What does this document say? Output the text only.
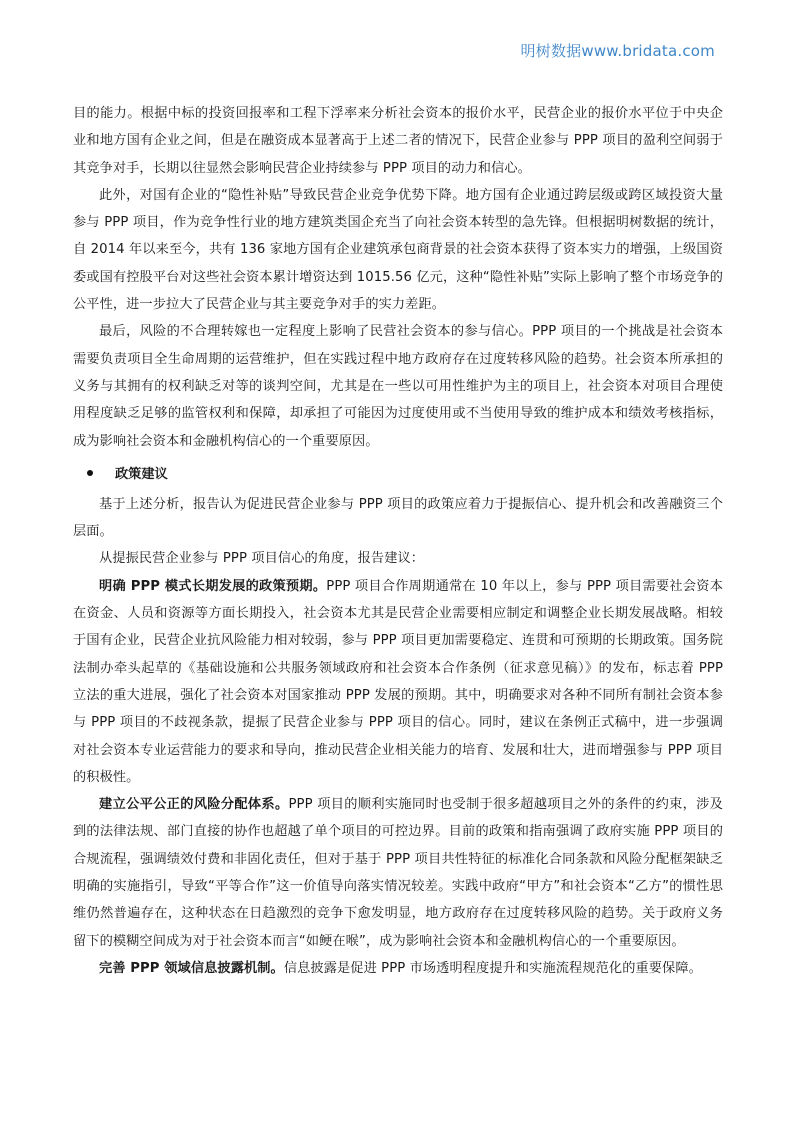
明树数据www.bridata.com

目的能力。根据中标的投资回报率和工程下浮率来分析社会资本的报价水平，民营企业的报价水平位于中央企业和地方国有企业之间，但是在融资成本显著高于上述二者的情况下，民营企业参与 PPP 项目的盈利空间弱于其竞争对手，长期以往显然会影响民营企业持续参与 PPP 项目的动力和信心。

此外，对国有企业的“隐性补贴”导致民营企业竞争优势下降。地方国有企业通过跨层级或跨区域投资大量参与 PPP 项目，作为竞争性行业的地方建筑类国企充当了向社会资本转型的急先锋。但根据明树数据的统计，自 2014 年以来至今，共有 136 家地方国有企业建筑承包商背景的社会资本获得了资本实力的增强，上级国资委或国有控股平台对这些社会资本累计增资达到 1015.56 亿元，这种“隐性补贴”实际上影响了整个市场竞争的公平性，进一步拉大了民营企业与其主要竞争对手的实力差距。

最后，风险的不合理转嫁也一定程度上影响了民营社会资本的参与信心。PPP 项目的一个挑战是社会资本需要负责项目全生命周期的运营维护，但在实践过程中地方政府存在过度转移风险的趋势。社会资本所承担的义务与其拥有的权利缺乏对等的谈判空间，尤其是在一些以可用性维护为主的项目上，社会资本对项目合理使用程度缺乏足够的监管权利和保障，却承担了可能因为过度使用或不当使用导致的维护成本和绩效考核指标，成为影响社会资本和金融机构信心的一个重要原因。

政策建议

基于上述分析，报告认为促进民营企业参与 PPP 项目的政策应着力于提振信心、提升机会和改善融资三个层面。

从提振民营企业参与 PPP 项目信心的角度，报告建议：

明确 PPP 模式长期发展的政策预期。PPP 项目合作周期通常在 10 年以上，参与 PPP 项目需要社会资本在资金、人员和资源等方面长期投入，社会资本尤其是民营企业需要相应制定和调整企业长期发展战略。相较于国有企业，民营企业抗风险能力相对较弱，参与 PPP 项目更加需要稳定、连贯和可预期的长期政策。国务院法制办牵头起草的《基础设施和公共服务领域政府和社会资本合作条例（征求意见稿）》的发布，标志着 PPP 立法的重大进展，强化了社会资本对国家推动 PPP 发展的预期。其中，明确要求对各种不同所有制社会资本参与 PPP 项目的不歧视条款，提振了民营企业参与 PPP 项目的信心。同时，建议在条例正式稿中，进一步强调对社会资本专业运营能力的要求和导向，推动民营企业相关能力的培育、发展和壮大，进而增强参与 PPP 项目的积极性。

建立公平公正的风险分配体系。PPP 项目的顺利实施同时也受制于很多超越项目之外的条件的约束，涉及到的法律法规、部门直接的协作也超越了单个项目的可控边界。目前的政策和指南强调了政府实施 PPP 项目的合规流程，强调绩效付费和非固化责任，但对于基于 PPP 项目共性特征的标准化合同条款和风险分配框架缺乏明确的实施指引，导致“平等合作”这一价值导向落实情况较差。实践中政府“甲方”和社会资本“乙方”的惯性思维仍然普遍存在，这种状态在日趋激烈的竞争下愈发明显，地方政府存在过度转移风险的趋势。关于政府义务留下的模糊空间成为对于社会资本而言“如鲠在喉”，成为影响社会资本和金融机构信心的一个重要原因。

完善 PPP 领域信息披露机制。信息披露是促进 PPP 市场透明程度提升和实施流程规范化的重要保障。
